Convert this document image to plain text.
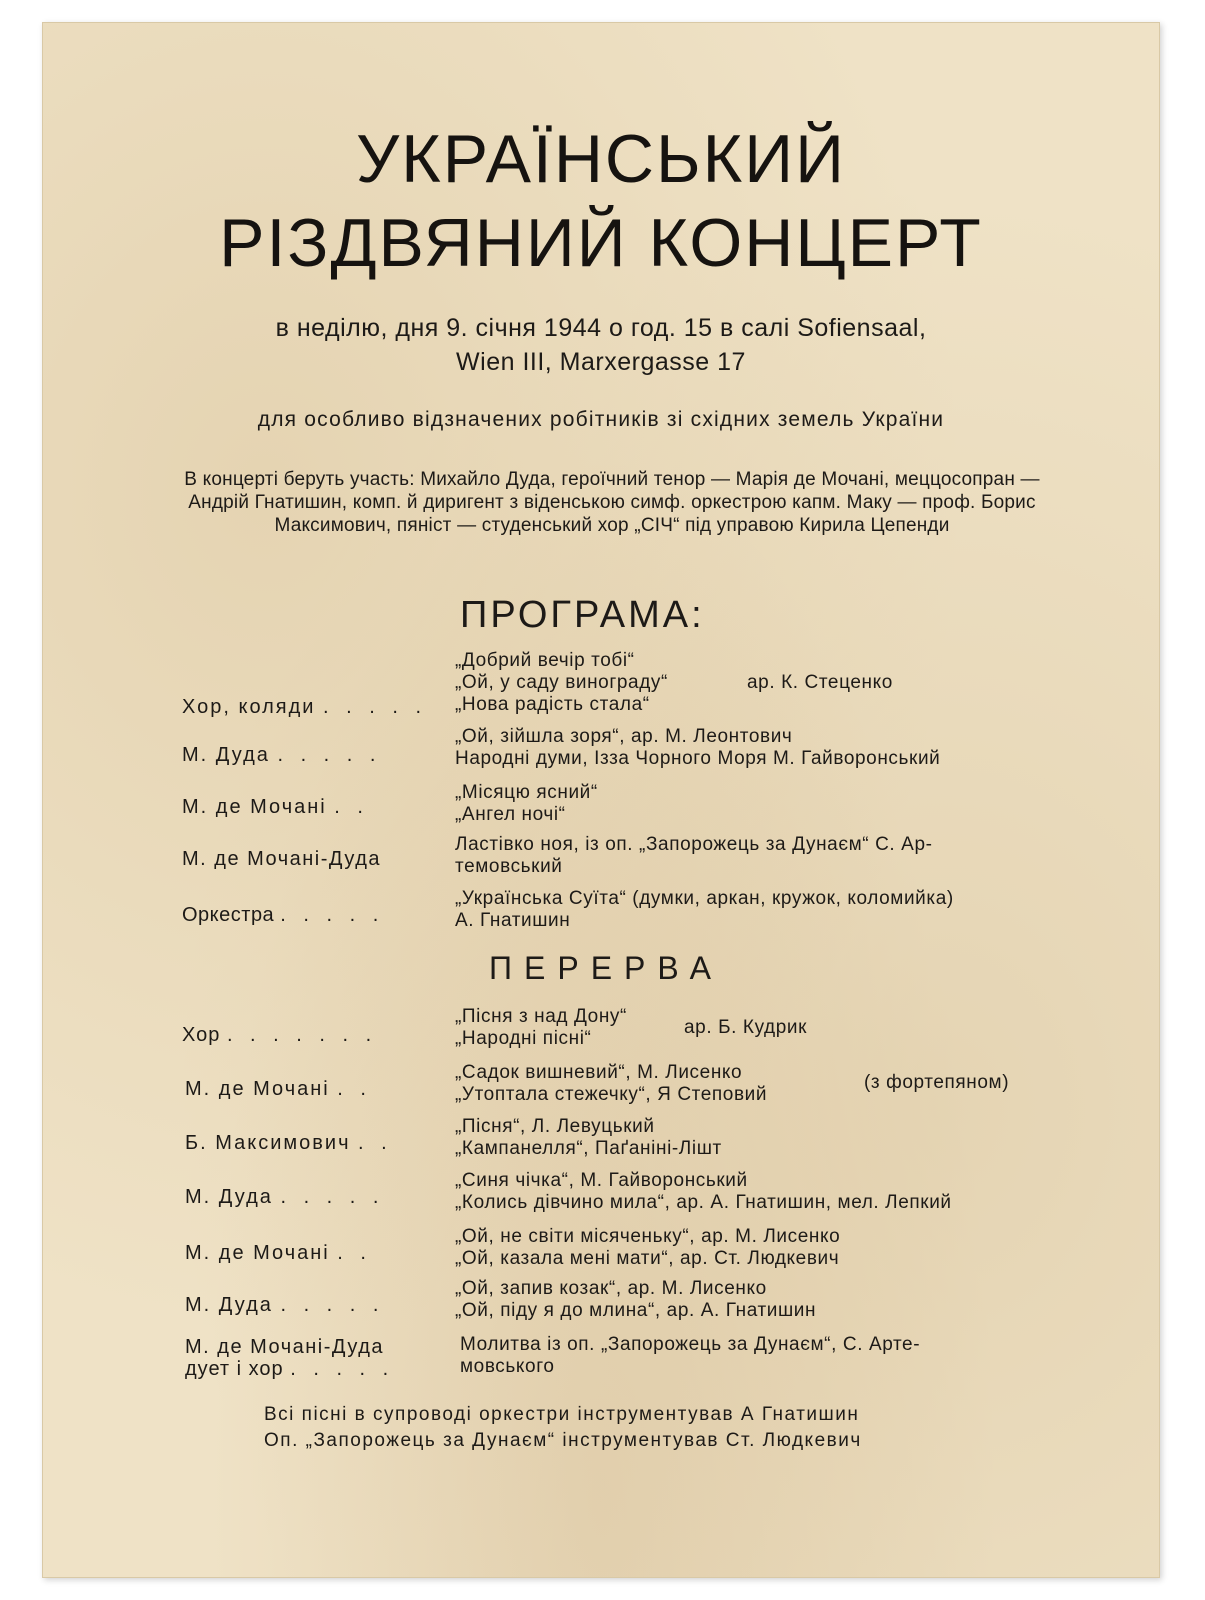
УКРАЇНСЬКИЙ
РІЗДВЯНИЙ КОНЦЕРТ
в неділю, дня 9. січня 1944 о год. 15 в салі Sofiensaal,
Wien III, Marxergasse 17
для особливо відзначених робітників зі східних земель України
В концерті беруть участь: Михайло Дуда, героїчний тенор — Марія де Мочані, меццосопран — Андрій Гнатишин, комп. й диригент з віденською симф. оркестрою капм. Маку — проф. Борис Максимович, пяніст — студенський хор „СІЧ“ під управою Кирила Цепенди
ПРОГРАМА:
Хор, коляди . . . . .
„Добрий вечір тобі“
„Ой, у саду винограду“	ар. К. Стеценко
„Нова радість стала“
М. Дуда . . . . .
„Ой, зійшла зоря“, ар. М. Леонтович
Народні думи, Ізза Чорного Моря М. Гайворонський
М. де Мочані . .
„Місяцю ясний“
„Ангел ночі“
М. де Мочані-Дуда
Ластівко ноя, із оп. „Запорожець за Дунаєм“ С. Ар-
темовський
Оркестра . . . . .
„Українська Суїта“ (думки, аркан, кружок, коломийка)
А. Гнатишин
ПЕРЕРВА
Хор . . . . . . .
„Пісня з над Дону“
„Народні пісні“
ар. Б. Кудрик
М. де Мочані . .
„Садок вишневий“, М. Лисенко
„Утоптала стежечку“, Я Степовий
(з фортепяном)
Б. Максимович . .
„Пісня“, Л. Левуцький
„Кампанелля“, Паґаніні-Лішт
М. Дуда . . . . .
„Синя чічка“, М. Гайворонський
„Колись дівчино мила“, ар. А. Гнатишин, мел. Лепкий
М. де Мочані . .
„Ой, не світи місяченьку“, ар. М. Лисенко
„Ой, казала мені мати“, ар. Ст. Людкевич
М. Дуда . . . . .
„Ой, запив козак“, ар. М. Лисенко
„Ой, піду я до млина“, ар. А. Гнатишин
М. де Мочані-Дуда
дует і хор . . . . .
Молитва із оп. „Запорожець за Дунаєм“, С. Арте-
мовського
Всі пісні в супроводі оркестри інструментував А Гнатишин
Оп. „Запорожець за Дунаєм“ інструментував Ст. Людкевич
